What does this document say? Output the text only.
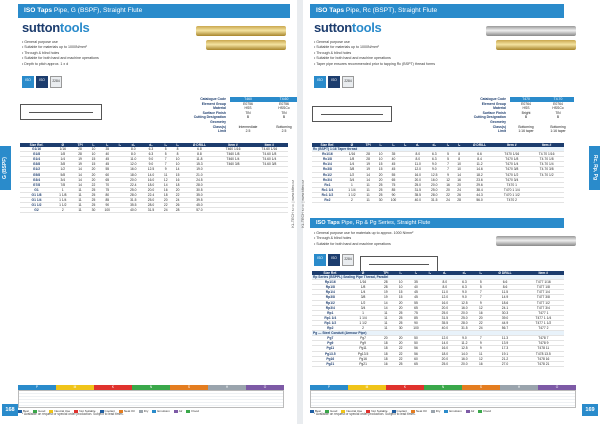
ISO Taps Pipe, G (BSPF), Straight Flute
suttontools
• General purpose use
• Suitable for materials up to 1000N/mm²
• Through & blind holes
• Suitable for both hand and machine operations
• Depth to pitch approx. 1 x d
ISO	ISO	2284
Catalogue Code	T460	T4.60
Element Group	E0756	E0756
Material	HSS	HSSCo
Surface Finish	TiN	TiN
Cutting Designation	B	B
Geometry
Class(s)	Intermediate	Bottoming
Limit	2.5	2.5
Size Ref.	Ø	TPI	l₁	l₂	l₃	d₁	d₂	l₄	l₅	Ø DRILL	Item #	Item #
G1/16	1/16	28	10	35		8.0	6.3	5	8	6.8	T460 1/16	T4.60 1/16
G1/8	1/8	28	10	40		8.0	6.3	5	8	8.8	T460 1/8	T4.60 1/8
G1/4	1/4	19	15	45		11.0	9.0	7	10	11.8	T460 1/4	T4.60 1/4
G3/8	3/8	19	15	45		12.0	9.0	7	10	15.3	T460 3/8	T4.60 3/8
G1/2	1/2	14	20	55		16.0	12.5	9	14	19.0		
G5/8	5/8	14	20	60		18.0	14.0	11	15	21.0		
G3/4	3/4	14	20	65		20.0	16.0	12	16	24.5		
G7/8	7/8	14	22	70		22.4	18.0	14	18	28.0		
G1	1	11	25	75		25.0	20.0	16	20	30.5		
G1 1/8	1 1/8	11	25	80		28.0	22.4	18	22	35.0		
G1 1/4	1 1/4	11	25	85		31.5	25.0	20	24	39.5		
G1 1/2	1 1/2	11	25	90		35.5	28.0	22	26	45.0		
G2	2	11	30	100		40.0	31.5	24	28	57.0		
G (BSPF)
KL-TECH s.r.o. | www.kltec.cz
P	M	K	N	S	H	O
Best	Good	Neutral Use	Not Suitable	Coolant	Neat Oil	Dry	Emulsion	Air	Flood
168
* Available on request or special order production. Subject to lead times.
ISO Taps Pipe, Rc (BSPT), Straight Flute
suttontools
• General purpose use
• Suitable for materials up to 1000N/mm²
• Through & blind holes
• Suitable for both hand and machine operations
• Taper pipe ensures recommended prior to tapping Rc (BSPT) thread forms
ISO	ISO	2284
Catalogue Code	T470	T4.70
Element Group	E0764	E0764
Material	HSS	HSSCo
Surface Finish	Bright	TiN
Cutting Designation	B	B
Geometry
Class(s)	Bottoming	Bottoming
Limit	1:16 taper	1:16 taper
Size Ref.	Ø	TPI	l₁	l₂	l₃	d₁	d₂	l₄	l₅	Ø DRILL	Item #	Item #
Rc (BSPT) 1:16 Taper thread												
Rc1/16	1/16	28	10	35		8.0	6.3	5	8	6.6	T470 1/16	T4.70 1/16
Rc1/8	1/8	28	10	40		8.0	6.3	5	8	8.4	T470 1/8	T4.70 1/8
Rc1/4	1/4	19	15	45		11.0	9.0	7	10	11.2	T470 1/4	T4.70 1/4
Rc3/8	3/8	19	15	45		12.0	9.0	7	10	14.6	T470 3/8	T4.70 3/8
Rc1/2	1/2	14	20	55		16.0	12.5	9	14	18.2	T470 1/2	T4.70 1/2
Rc3/4	3/4	14	20	65		20.0	16.0	12	16	23.6	T470 3/4	
Rc1	1	11	25	75		25.0	20.0	16	20	29.6	T470 1	
Rc1 1/4	1 1/4	11	25	85		31.5	25.0	20	24	38.4	T470 1 1/4	
Rc1 1/2	1 1/2	11	25	90		35.5	28.0	22	26	44.3	T470 1 1/2	
Rc2	2	11	30	100		40.0	31.5	24	28	56.0	T470 2	
ISO Taps Pipe, Rp & Pg Series, Straight Flute
• General purpose use for materials up to approx. 1000 N/mm²
• Through & blind holes
• Suitable for both hand and machine operations
ISO	ISO	2284
Size Ref.	Ø	TPI	l₁	l₂	l₃	d₁	d₂	l₄	Ø DRILL	Item #
Rp Series (BSPPL) Sealing Pipe Thread, Parallel										
Rp1/16	1/16	28	10	35		8.0	6.3	5	6.6	T477 1/16
Rp1/8	1/8	28	10	40		8.0	6.3	5	8.6	T477 1/8
Rp1/4	1/4	19	15	45		11.0	9.0	7	11.5	T477 1/4
Rp3/8	3/8	19	15	45		12.0	9.0	7	14.9	T477 3/8
Rp1/2	1/2	14	20	55		16.0	12.5	9	18.6	T477 1/2
Rp3/4	3/4	14	20	65		20.0	16.0	12	24.1	T477 3/4
Rp1	1	11	25	75		25.0	20.0	16	30.3	T477 1
Rp1 1/4	1 1/4	11	25	85		31.5	25.0	20	39.0	T477 1 1/4
Rp1 1/2	1 1/2	11	25	90		35.5	28.0	22	44.9	T477 1 1/2
Rp2	2	11	30	100		40.0	31.5	24	56.7	T477 2
Pg — Steel Conduit (Armour Pipe)										
Pg7	Pg7	20	20	50		12.0	9.0	7	11.3	T478 7
Pg9	Pg9	18	20	50		14.0	11.2	9	13.9	T478 9
Pg11	Pg11	18	22	56		16.0	12.5	9	17.3	T478 11
Pg13.5	Pg13.5	18	22	56		18.0	14.0	11	19.1	T478 13.5
Pg16	Pg16	18	22	60		20.0	16.0	12	21.2	T478 16
Pg21	Pg21	16	25	65		25.0	20.0	16	27.0	T478 21
Rc, Rp, Pg
KL-TECH s.r.o. | www.kltec.cz
P	M	K	N	S	H	O
Best	Good	Neutral Use	Not Suitable	Coolant	Neat Oil	Dry	Emulsion	Air	Flood	169
* Available on request or special order production. Subject to lead times.
